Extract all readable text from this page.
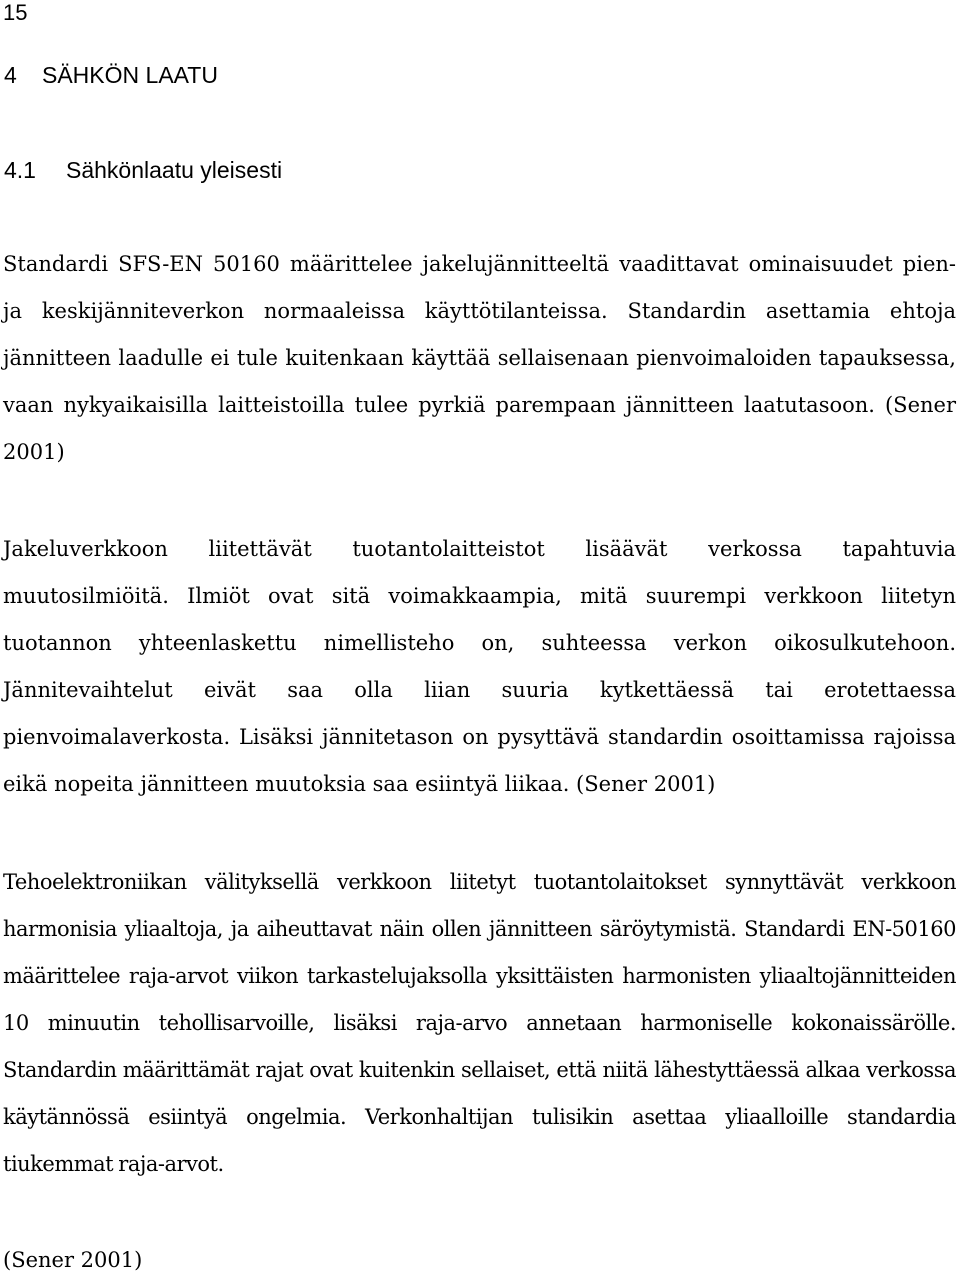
15
4 SÄHKÖN LAATU
4.1 Sähkönlaatu yleisesti

Standardi SFS-EN 50160 määrittelee jakelujännitteeltä vaadittavat ominaisuudet pien- ja keskijänniteverkon normaaleissa käyttötilanteissa. Standardin asettamia ehtoja jännitteen laadulle ei tule kuitenkaan käyttää sellaisenaan pienvoimaloiden tapauksessa, vaan nykyaikaisilla laitteistoilla tulee pyrkiä parempaan jännitteen laatutasoon. (Sener 2001)

Jakeluverkkoon liitettävät tuotantolaitteistot lisäävät verkossa tapahtuvia muutosilmiöitä. Ilmiöt ovat sitä voimakkaampia, mitä suurempi verkkoon liitetyn tuotannon yhteenlaskettu nimellisteho on, suhteessa verkon oikosulkutehoon. Jännitevaihtelut eivät saa olla liian suuria kytkettäessä tai erotettaessa pienvoimalaverkosta. Lisäksi jännitetason on pysyttävä standardin osoittamissa rajoissa eikä nopeita jännitteen muutoksia saa esiintyä liikaa. (Sener 2001)

Tehoelektroniikan välityksellä verkkoon liitetyt tuotantolaitokset synnyttävät verkkoon harmonisia yliaaltoja, ja aiheuttavat näin ollen jännitteen säröytymistä. Standardi EN-50160 määrittelee raja-arvot viikon tarkastelujaksolla yksittäisten harmonisten yliaaltojännitteiden 10 minuutin tehollisarvoille, lisäksi raja-arvo annetaan harmoniselle kokonaissärölle. Standardin määrittämät rajat ovat kuitenkin sellaiset, että niitä lähestyttäessä alkaa verkossa käytännössä esiintyä ongelmia. Verkonhaltijan tulisikin asettaa yliaalloille standardia tiukemmat raja-arvot.

(Sener 2001)
